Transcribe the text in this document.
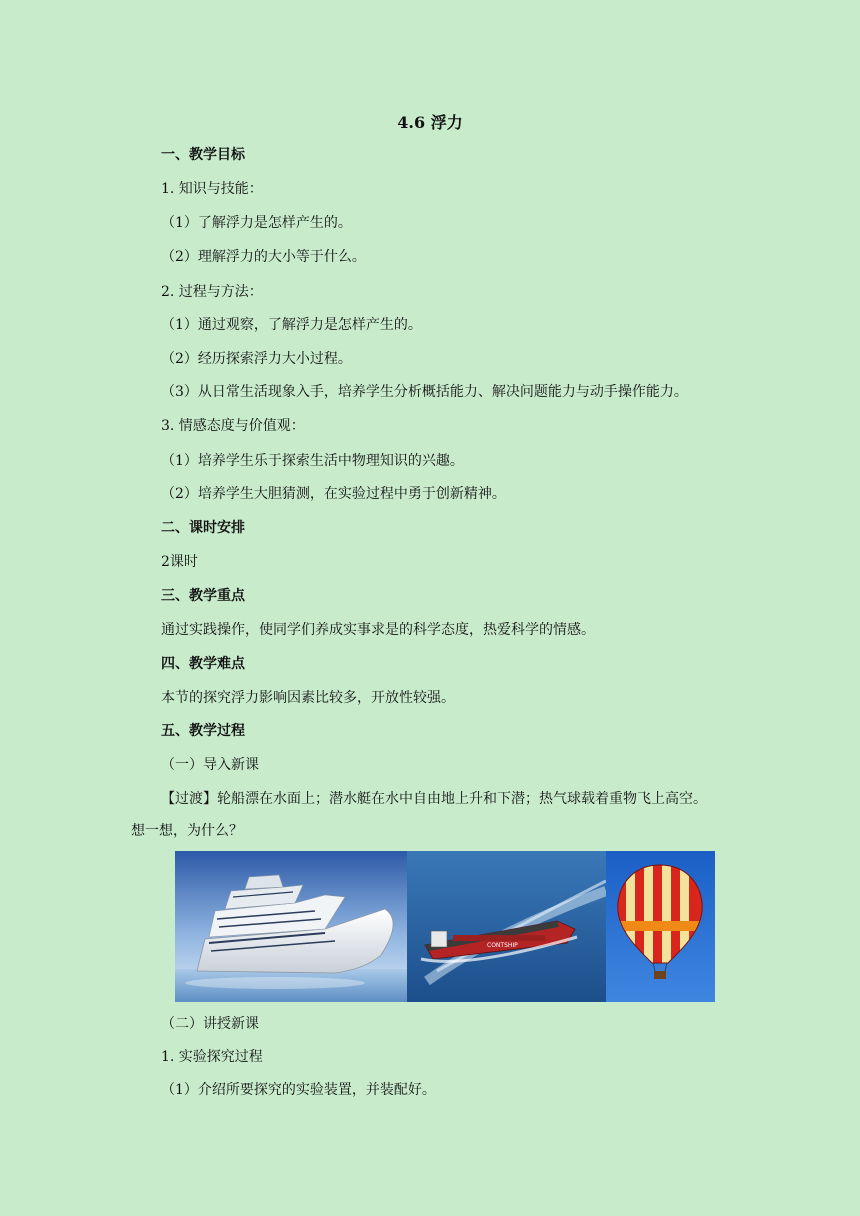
4.6 浮力
一、教学目标
1. 知识与技能：
（1）了解浮力是怎样产生的。
（2）理解浮力的大小等于什么。
2. 过程与方法：
（1）通过观察，了解浮力是怎样产生的。
（2）经历探索浮力大小过程。
（3）从日常生活现象入手，培养学生分析概括能力、解决问题能力与动手操作能力。
3. 情感态度与价值观：
（1）培养学生乐于探索生活中物理知识的兴趣。
（2）培养学生大胆猜测，在实验过程中勇于创新精神。
二、课时安排
2课时
三、教学重点
通过实践操作，使同学们养成实事求是的科学态度，热爱科学的情感。
四、教学难点
本节的探究浮力影响因素比较多，开放性较强。
五、教学过程
（一）导入新课
【过渡】轮船漂在水面上；潜水艇在水中自由地上升和下潜；热气球载着重物飞上高空。
想一想，为什么？
CONTSHIP
（二）讲授新课
1. 实验探究过程
（1）介绍所要探究的实验装置，并装配好。
